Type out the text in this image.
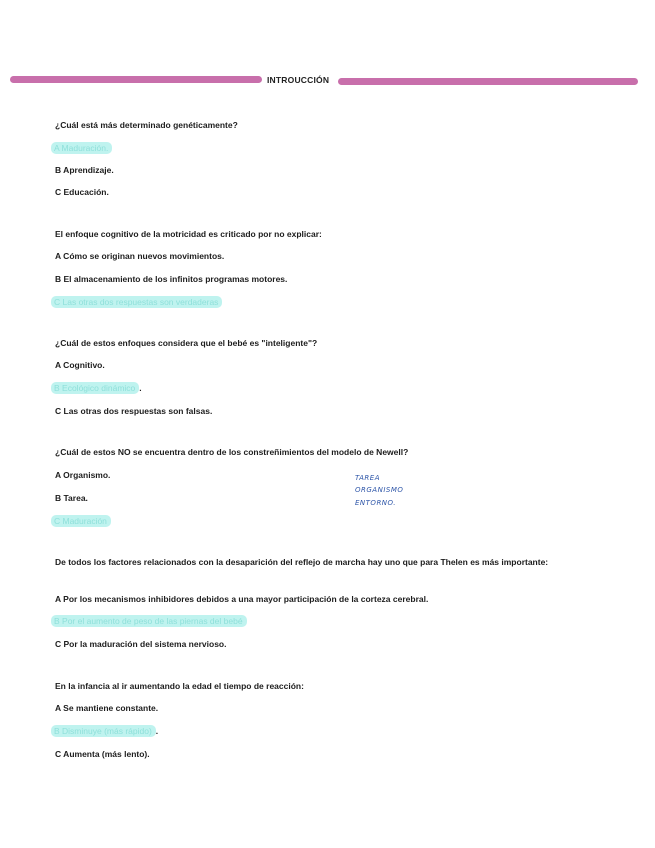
INTROUCCIÓN
¿Cuál está más determinado genéticamente?
A Maduración.
B Aprendizaje.
C Educación.
El enfoque cognitivo de la motricidad es criticado por no explicar:
A Cómo se originan nuevos movimientos.
B El almacenamiento de los infinitos programas motores.
C Las otras dos respuestas son verdaderas
¿Cuál de estos enfoques considera que el bebé es "inteligente"?
A Cognitivo.
B Ecológico dinámico .
C Las otras dos respuestas son falsas.
¿Cuál de estos NO se encuentra dentro de los constreñimientos del modelo de Newell?
A Organismo.
B Tarea.
C Maduración
TAREA
ORGANISMO
ENTORNO.
De todos los factores relacionados con la desaparición del reflejo de marcha hay uno que para Thelen es más importante:
A Por los mecanismos inhibidores debidos a una mayor participación de la corteza cerebral.
B Por el aumento de peso de las piernas del bebé
C Por la maduración del sistema nervioso.
En la infancia al ir aumentando la edad el tiempo de reacción:
A Se mantiene constante.
B Disminuye (más rápido) .
C Aumenta (más lento).
